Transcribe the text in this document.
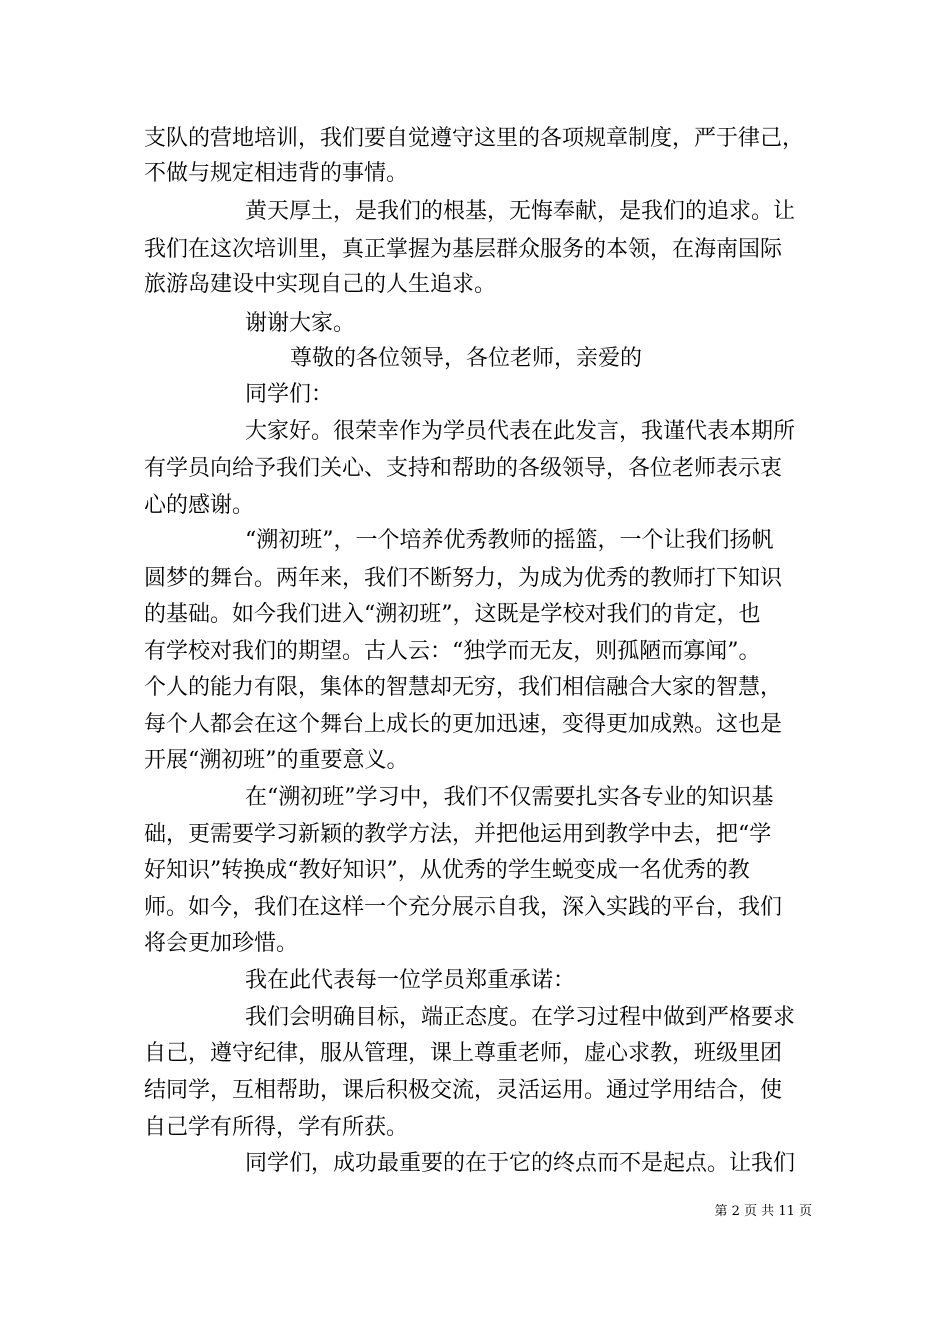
支队的营地培训，我们要自觉遵守这里的各项规章制度，严于律己，
不做与规定相违背的事情。
黄天厚土，是我们的根基，无悔奉献，是我们的追求。让
我们在这次培训里，真正掌握为基层群众服务的本领，在海南国际
旅游岛建设中实现自己的人生追求。
谢谢大家。
尊敬的各位领导，各位老师，亲爱的
同学们：
大家好。很荣幸作为学员代表在此发言，我谨代表本期所
有学员向给予我们关心、支持和帮助的各级领导，各位老师表示衷
心的感谢。
“溯初班”，一个培养优秀教师的摇篮，一个让我们扬帆
圆梦的舞台。两年来，我们不断努力，为成为优秀的教师打下知识
的基础。如今我们进入“溯初班”，这既是学校对我们的肯定，也
有学校对我们的期望。古人云：“独学而无友，则孤陋而寡闻”。
个人的能力有限，集体的智慧却无穷，我们相信融合大家的智慧，
每个人都会在这个舞台上成长的更加迅速，变得更加成熟。这也是
开展“溯初班”的重要意义。
在“溯初班”学习中，我们不仅需要扎实各专业的知识基
础，更需要学习新颖的教学方法，并把他运用到教学中去，把“学
好知识”转换成“教好知识”，从优秀的学生蜕变成一名优秀的教
师。如今，我们在这样一个充分展示自我，深入实践的平台，我们
将会更加珍惜。
我在此代表每一位学员郑重承诺：
我们会明确目标，端正态度。在学习过程中做到严格要求
自己，遵守纪律，服从管理，课上尊重老师，虚心求教，班级里团
结同学，互相帮助，课后积极交流，灵活运用。通过学用结合，使
自己学有所得，学有所获。
同学们，成功最重要的在于它的终点而不是起点。让我们
第 2 页 共 11 页
